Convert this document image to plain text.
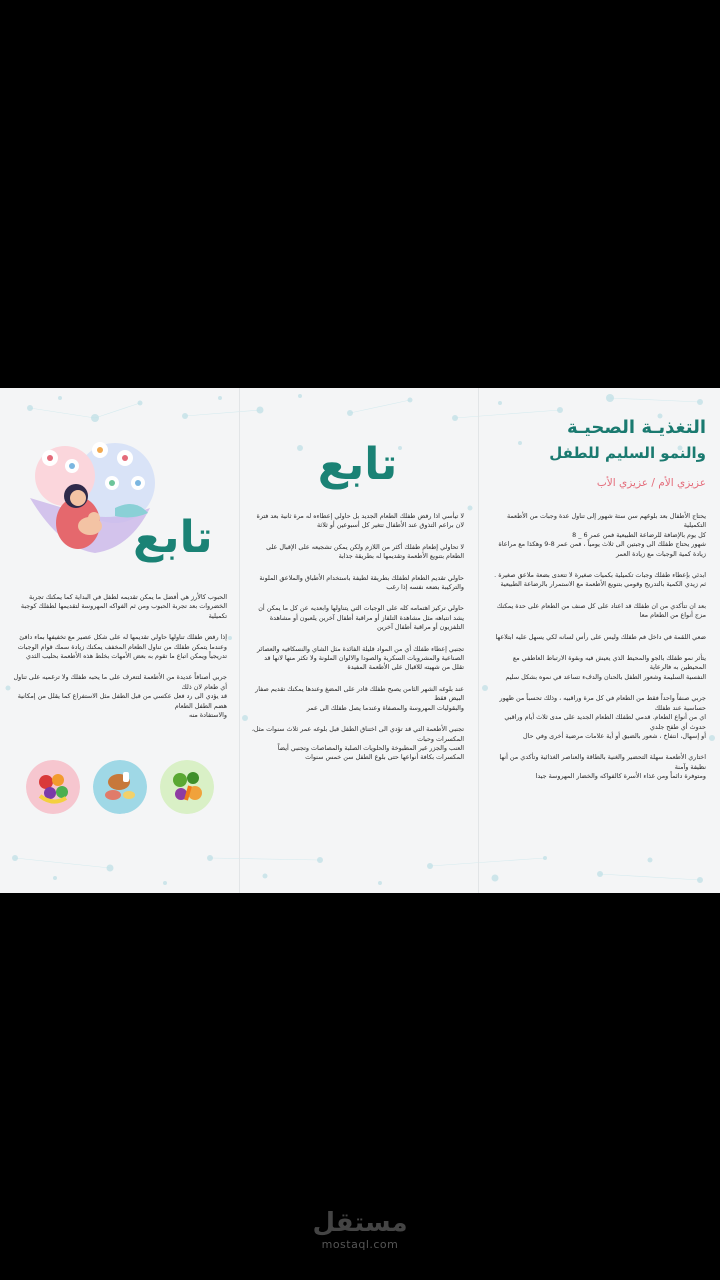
التغذيـة الصحيـة
والنمو السليم للطفل
عزيزي الأم / عزيزي الأب

يحتاج الأطفال بعد بلوغهم سن ستة شهور إلى تناول عدة وجبات من الأطعمة التكميلية
كل يوم بالإضافة للرضاعة الطبيعية فمن عمر 6 _ 8
شهور يحتاج طفلك الى وجبتين الى ثلاث يومياً ، فمن عمر 8-9 وهكذا مع مراعاة زيادة كمية الوجبات مع زيادة العمر

ابدئي بإعطاء طفلك وجبات تكميلية بكميات صغيرة لا تتعدى بضعة ملاعق صغيرة . ثم زيدي الكمية بالتدريج وقومي بتنويع الأطعمة مع الاستمرار بالرضاعة الطبيعية

بعد ان تتأكدي من ان طفلك قد اعتاد على كل صنف من الطعام على حدة يمكنك مزج أنواع من الطعام معا

ضعي اللقمة في داخل فم طفلك وليس على رأس لسانه لكي يسهل عليه ابتلاعها

يتأثر نمو طفلك بالجو والمحيط الذي يعيش فيه وبقوة الارتباط العاطفي مع المحيطين به فالرعاية
النفسية السليمة وشعور الطفل بالحنان والدفء تساعد في نموه بشكل سليم

جربي صنفاً واحداً فقط من الطعام في كل مرة وراقبيه ، وذلك تحسباً من ظهور حساسية عند طفلك
اي من أنواع الطعام. قدمي لطفلك الطعام الجديد على مدى ثلاث أيام وراقبي حدوث أي طفح جلدي
أو إسهال، انتفاخ ، شعور بالضيق أو أية علامات مرضية أخرى وفي حال

اختاري الأطعمة سهلة التحضير والغنية بالطاقة والعناصر الغذائية وتأكدي من أنها نظيفة وآمنة
ومتوفرة دائماً ومن غذاء الأسرة كالفواكه والخضار المهروسة جيدا

تابع

لا تيأسي اذا رفض طفلك الطعام الجديد بل حاولي إعطاءه له مرة ثانية بعد فترة لان براعم التذوق عند الأطفال تتغير كل أسبوعين أو ثلاثة

لا تحاولي إطعام طفلك أكثر من اللازم ولكن يمكن تشجيعه على الإقبال على الطعام بتنويع الأطعمة وتقديمها له بطريقة جذابة

حاولي تقديم الطعام لطفلك بطريقة لطيفة باستخدام الأطباق والملاعق الملونة والتركيبة بضعه نفسه إذا رغب

حاولي تركيز اهتمامه كله على الوجبات التي يتناولها وابعديه عن كل ما يمكن أن يشد انتباهه مثل مشاهدة التلفاز أو مراقبة أطفال آخرين يلعبون أو مشاهدة التلفزيون أو مراقبة أطفال آخرين

تجنبي إعطاء طفلك أي من المواد قليلة الفائدة مثل الشاي والنسكافيه والعصائر الصناعية والمشروبات السكرية والصودا والالوان الملونة ولا تكثر منها لانها قد تقلل من شهيته للاقبال على الأطعمة المفيدة

عند بلوغه الشهر الثامن يصبح طفلك قادر على المضغ وعندها يمكنك تقديم صفار البيض فقط
والبقوليات المهروسة والمصفاة وعندما يصل طفلك الى عمر

تجنبي الأطعمة التي قد تؤدي الى اختناق الطفل قبل بلوغه عمر ثلاث سنوات مثل، المكسرات وحبات
العنب والجزر غير المطبوخة والحلويات الصلبة والمصاصات وتجنبي أيضاً المكسرات بكافة أنواعها حتى بلوغ الطفل سن خمس سنوات

تابع

الحبوب كالأرز هي أفضل ما يمكن تقديمه لطفل في البداية كما يمكنك تجربة الخضروات بعد تجربة الحبوب ومن ثم الفواكه المهروسة لتقديمها لطفلك كوجبة تكميلية

إذا رفض طفلك تناولها حاولي تقديمها له على شكل عصير مع تخفيفها بماء دافئ وعندما يتمكن طفلك من تناول الطعام المخفف يمكنك زيادة سمك قوام الوجبات تدريجياً ويمكن اتباع ما تقوم به بعض الأمهات بخلط هذه الأطعمة بحليب الثدي

جربي أصنافاً عديدة من الأطعمة لتتعرف على ما يحبه طفلك ولا ترغميه على تناول أي طعام لان ذلك
قد يؤدي الى رد فعل عكسي من قبل الطفل مثل الاستفراغ كما يقلل من إمكانية هضم الطفل الطعام
والاستفادة منه

مستقل
mostaql.com
